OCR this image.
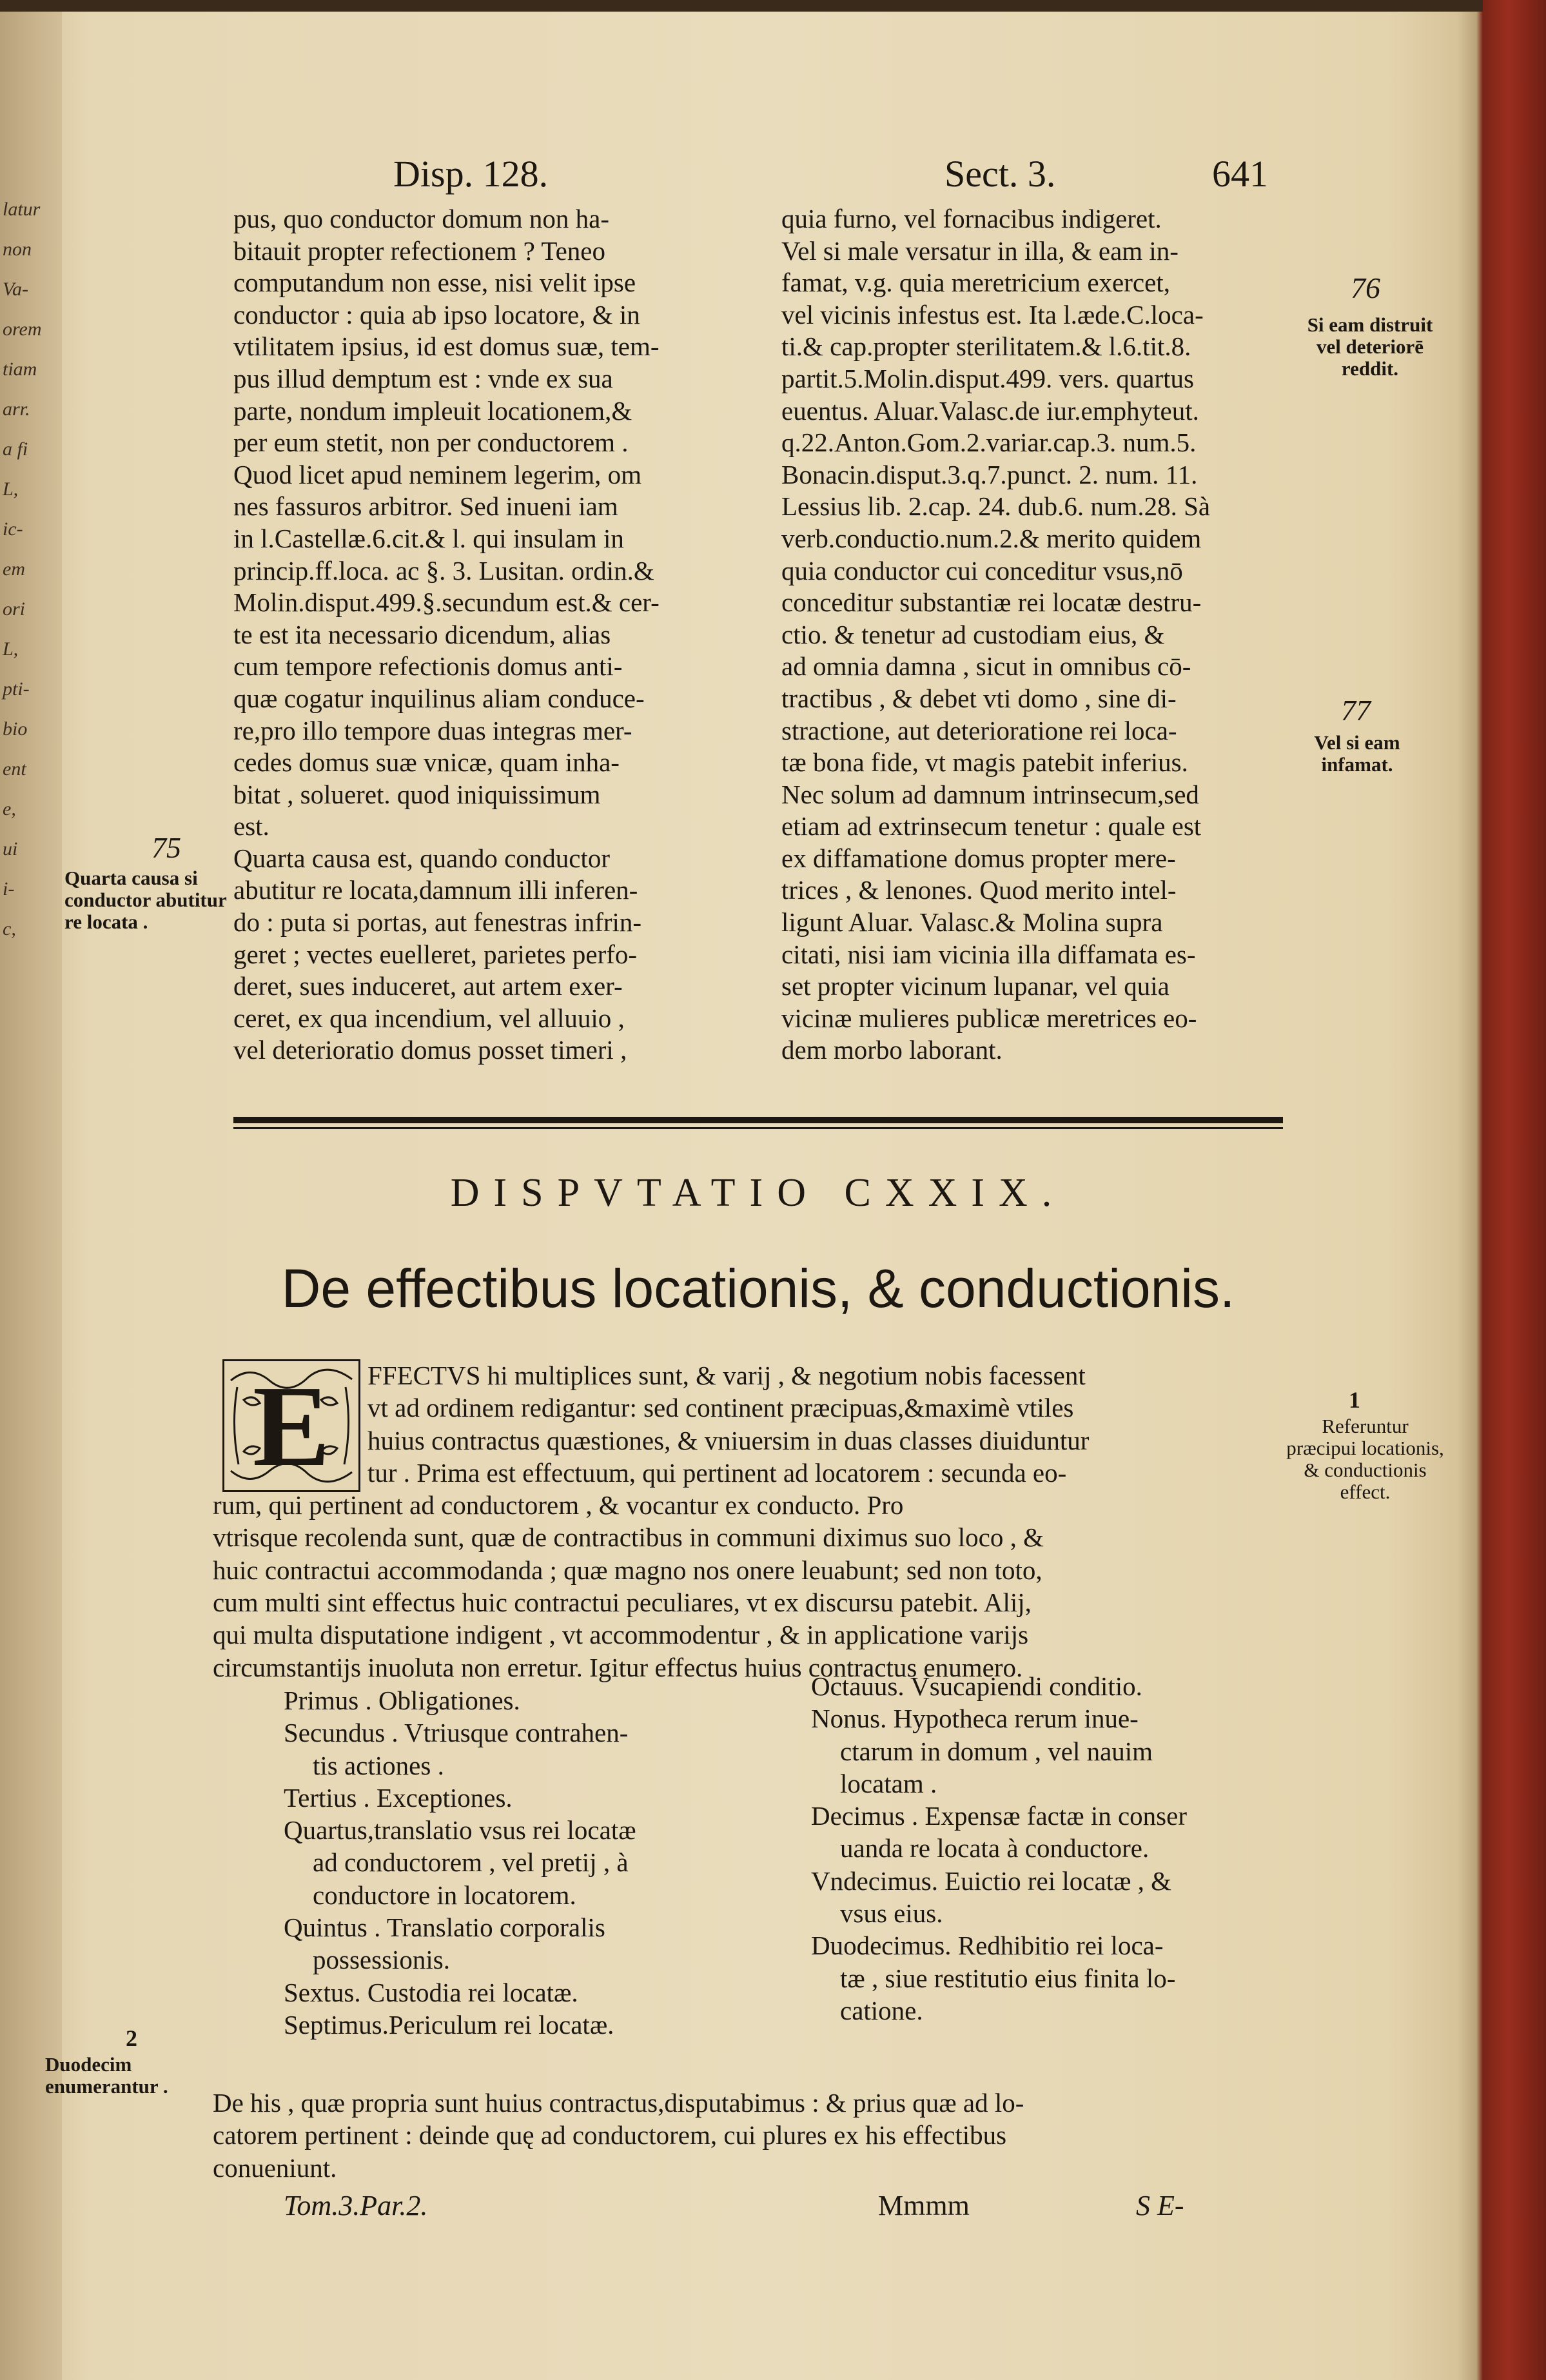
latur
non
Va-
orem
tiam
arr.
a fi
L,
ic-
em
ori
L,
pti-
bio
ent
e,
ui
i-
c,
Disp. 128.	Sect. 3.	641
pus, quo conductor domum non ha-
bitauit propter refectionem ? Teneo
computandum non esse, nisi velit ipse
conductor : quia ab ipso locatore, & in
vtilitatem ipsius, id est domus suæ, tem-
pus illud demptum est : vnde ex sua
parte, nondum impleuit locationem,&
per eum stetit, non per conductorem .
Quod licet apud neminem legerim, om
nes fassuros arbitror. Sed inueni iam
in l.Castellæ.6.cit.& l. qui insulam in
princip.ff.loca. ac §. 3. Lusitan. ordin.&
Molin.disput.499.§.secundum est.& cer-
te est ita necessario dicendum, alias
cum tempore refectionis domus anti-
quæ cogatur inquilinus aliam conduce-
re,pro illo tempore duas integras mer-
cedes domus suæ vnicæ, quam inha-
bitat , solueret. quod iniquissimum
est.
Quarta causa est, quando conductor
abutitur re locata,damnum illi inferen-
do : puta si portas, aut fenestras infrin-
geret ; vectes euelleret, parietes perfo-
deret, sues induceret, aut artem exer-
ceret, ex qua incendium, vel alluuio ,
vel deterioratio domus posset timeri ,
quia furno, vel fornacibus indigeret.
Vel si male versatur in illa, & eam in-
famat, v.g. quia meretricium exercet,
vel vicinis infestus est. Ita l.æde.C.loca-
ti.& cap.propter sterilitatem.& l.6.tit.8.
partit.5.Molin.disput.499. vers. quartus
euentus. Aluar.Valasc.de iur.emphyteut.
q.22.Anton.Gom.2.variar.cap.3. num.5.
Bonacin.disput.3.q.7.punct. 2. num. 11.
Lessius lib. 2.cap. 24. dub.6. num.28. Sà
verb.conductio.num.2.& merito quidem
quia conductor cui conceditur vsus,nō
conceditur substantiæ rei locatæ destru-
ctio. & tenetur ad custodiam eius, &
ad omnia damna , sicut in omnibus cō-
tractibus , & debet vti domo , sine di-
stractione, aut deterioratione rei loca-
tæ bona fide, vt magis patebit inferius.
Nec solum ad damnum intrinsecum,sed
etiam ad extrinsecum tenetur : quale est
ex diffamatione domus propter mere-
trices , & lenones. Quod merito intel-
ligunt Aluar. Valasc.& Molina supra
citati, nisi iam vicinia illa diffamata es-
set propter vicinum lupanar, vel quia
vicinæ mulieres publicæ meretrices eo-
dem morbo laborant.
75
Quarta causa si conductor abutitur re locata .
76
Si eam distruit vel deteriorē reddit.
77
Vel si eam infamat.
DISPVTATIO CXXIX.
De effectibus locationis, & conductionis.
E	FFECTVS hi multiplices sunt, & varij , & negotium nobis facessent
vt ad ordinem redigantur: sed continent præcipuas,&maximè vtiles
huius contractus quæstiones, & vniuersim in duas classes diuiduntur
tur . Prima est effectuum, qui pertinent ad locatorem : secunda eo-
rum, qui pertinent ad conductorem , & vocantur ex conducto. Pro
vtrisque recolenda sunt, quæ de contractibus in communi diximus suo loco , &
huic contractui accommodanda ; quæ magno nos onere leuabunt; sed non toto,
cum multi sint effectus huic contractui peculiares, vt ex discursu patebit. Alij,
qui multa disputatione indigent , vt accommodentur , & in applicatione varijs
circumstantijs inuoluta non erretur. Igitur effectus huius contractus enumero.
1
Referuntur præcipui locationis, & conductionis effect.
Primus . Obligationes.
Secundus . Vtriusque contrahen-
tis actiones .
Tertius . Exceptiones.
Quartus,translatio vsus rei locatæ
ad conductorem , vel pretij , à
conductore in locatorem.
Quintus . Translatio corporalis
possessionis.
Sextus. Custodia rei locatæ.
Septimus.Periculum rei locatæ.
Octauus. Vsucapiendi conditio.
Nonus. Hypotheca rerum inue-
ctarum in domum , vel nauim
locatam .
Decimus . Expensæ factæ in conser
uanda re locata à conductore.
Vndecimus. Euictio rei locatæ , &
vsus eius.
Duodecimus. Redhibitio rei loca-
tæ , siue restitutio eius finita lo-
catione.
2
Duodecim enumerantur .
De his , quæ propria sunt huius contractus,disputabimus : & prius quæ ad lo-
catorem pertinent : deinde quę ad conductorem, cui plures ex his effectibus
conueniunt.
Tom.3.Par.2.	Mmmm	S E-
